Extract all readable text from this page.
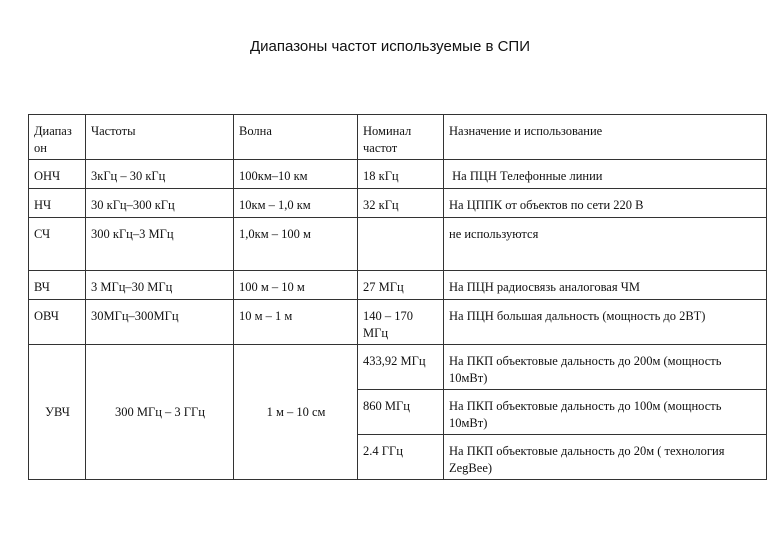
Диапазоны частот используемые в СПИ
Диапаз он	Частоты	Волна	Номинал частот	Назначение и использование
ОНЧ	3кГц – 30 кГц	100км–10 км	18 кГц	На ПЦН Телефонные линии
НЧ	30 кГц–300 кГц	10км – 1,0 км	32 кГц	На ЦППК от объектов по сети 220 В
СЧ	300 кГц–3 МГц	1,0км – 100 м		не используются
ВЧ	3 МГц–30 МГц	100 м – 10 м	27 МГц	На ПЦН радиосвязь аналоговая ЧМ
ОВЧ	30МГц–300МГц	10 м – 1 м	140 – 170 МГц	На ПЦН большая дальность (мощность до 2ВТ)
УВЧ	300 МГц – 3 ГГц	1 м – 10 см	433,92 МГц	На ПКП объектовые дальность до 200м (мощность 10мВт)
			860 МГц	На ПКП объектовые дальность до 100м (мощность 10мВт)
			2.4 ГГц	На ПКП объектовые дальность до 20м ( технология ZegBee)
